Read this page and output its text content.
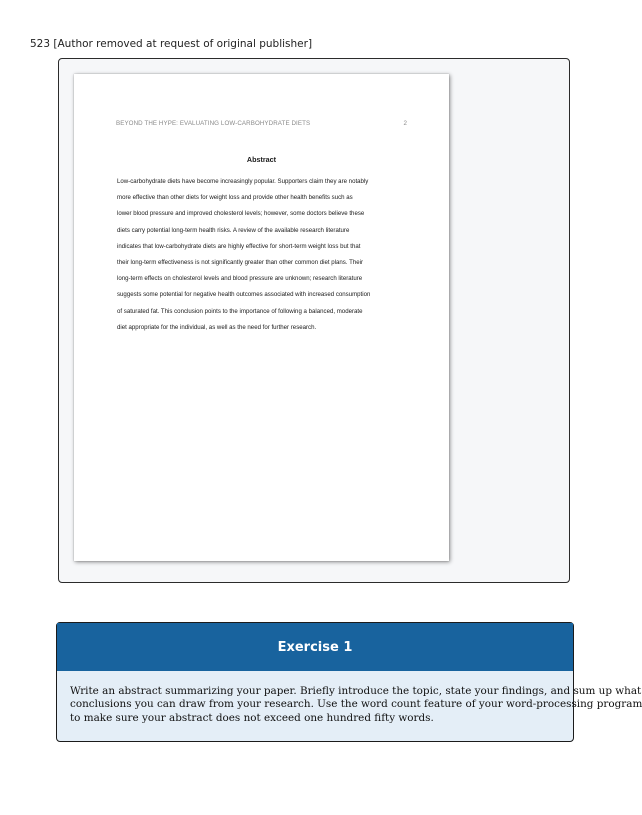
523 [Author removed at request of original publisher]
BEYOND THE HYPE: EVALUATING LOW-CARBOHYDRATE DIETS	2
Abstract
Low-carbohydrate diets have become increasingly popular. Supporters claim they are notably
more effective than other diets for weight loss and provide other health benefits such as
lower blood pressure and improved cholesterol levels; however, some doctors believe these
diets carry potential long-term health risks. A review of the available research literature
indicates that low-carbohydrate diets are highly effective for short-term weight loss but that
their long-term effectiveness is not significantly greater than other common diet plans. Their
long-term effects on cholesterol levels and blood pressure are unknown; research literature
suggests some potential for negative health outcomes associated with increased consumption
of saturated fat. This conclusion points to the importance of following a balanced, moderate
diet appropriate for the individual, as well as the need for further research.
Exercise 1
Write an abstract summarizing your paper. Briefly introduce the topic, state your findings, and sum up what
conclusions you can draw from your research. Use the word count feature of your word-processing program
to make sure your abstract does not exceed one hundred fifty words.
